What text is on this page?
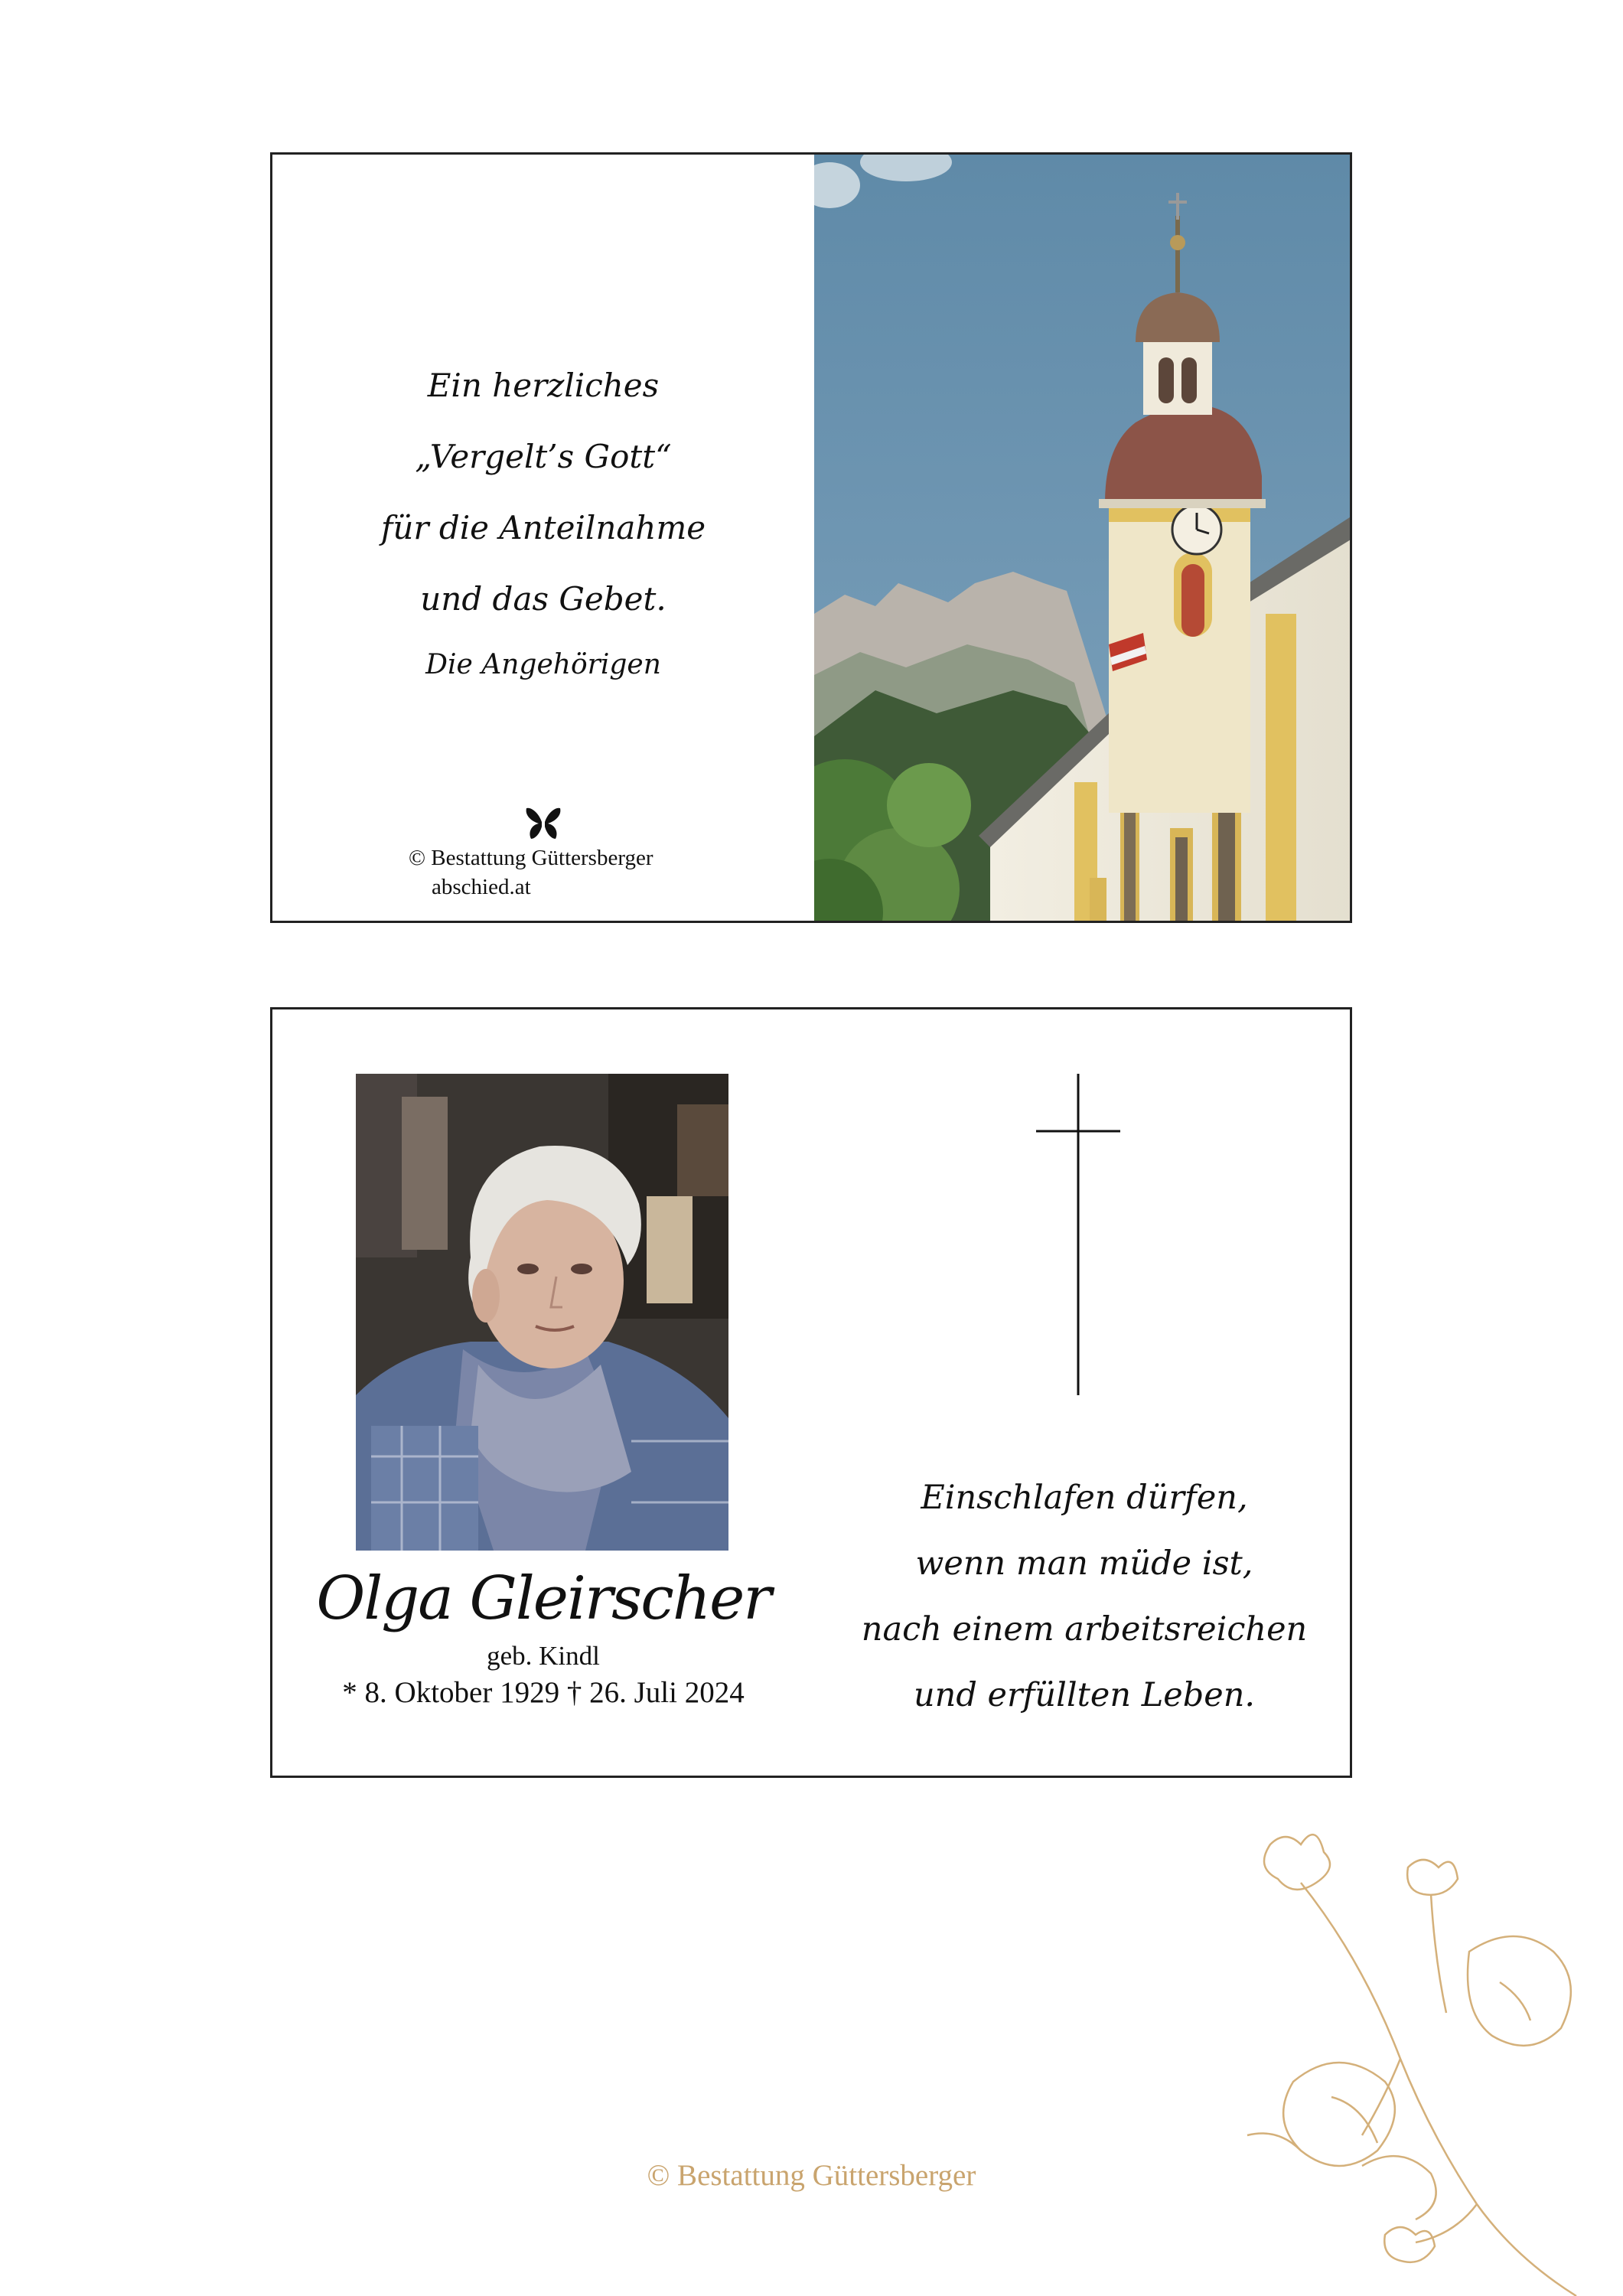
Ein herzliches
„Vergelt’s Gott“
für die Anteilnahme
und das Gebet.
Die Angehörigen
© Bestattung Güttersberger
abschied.at
Olga Gleirscher
geb. Kindl
* 8. Oktober 1929 † 26. Juli 2024
Einschlafen dürfen,
wenn man müde ist,
nach einem arbeitsreichen
und erfüllten Leben.
© Bestattung Güttersberger
